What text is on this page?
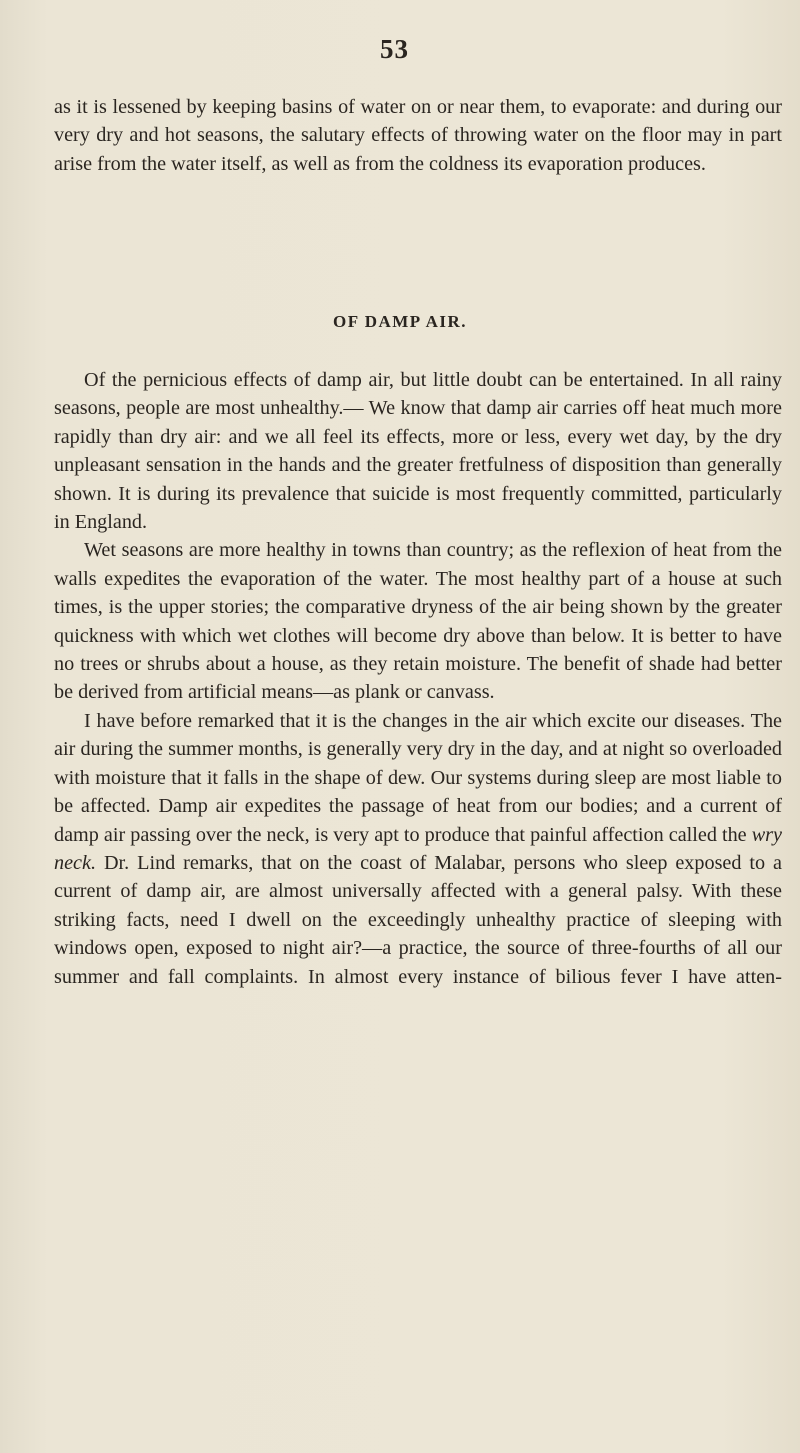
53

as it is lessened by keeping basins of water on or near them, to evaporate: and during our very dry and hot seasons, the salutary effects of throwing water on the floor may in part arise from the water itself, as well as from the coldness its evaporation produces.

OF DAMP AIR.

Of the pernicious effects of damp air, but little doubt can be entertained. In all rainy seasons, people are most unhealthy.— We know that damp air carries off heat much more rapidly than dry air: and we all feel its effects, more or less, every wet day, by the dry unpleasant sensation in the hands and the greater fretfulness of disposition than generally shown. It is during its prevalence that suicide is most frequently committed, particularly in England.

Wet seasons are more healthy in towns than country; as the reflexion of heat from the walls expedites the evaporation of the water. The most healthy part of a house at such times, is the upper stories; the comparative dryness of the air being shown by the greater quickness with which wet clothes will become dry above than below. It is better to have no trees or shrubs about a house, as they retain moisture. The benefit of shade had better be derived from artificial means—as plank or canvass.

I have before remarked that it is the changes in the air which excite our diseases. The air during the summer months, is generally very dry in the day, and at night so overloaded with moisture that it falls in the shape of dew. Our systems during sleep are most liable to be affected. Damp air expedites the passage of heat from our bodies; and a current of damp air passing over the neck, is very apt to produce that painful affection called the wry neck. Dr. Lind remarks, that on the coast of Malabar, persons who sleep exposed to a current of damp air, are almost universally affected with a general palsy. With these striking facts, need I dwell on the exceedingly unhealthy practice of sleeping with windows open, exposed to night air?—a practice, the source of three-fourths of all our summer and fall complaints. In almost every instance of bilious fever I have atten-
